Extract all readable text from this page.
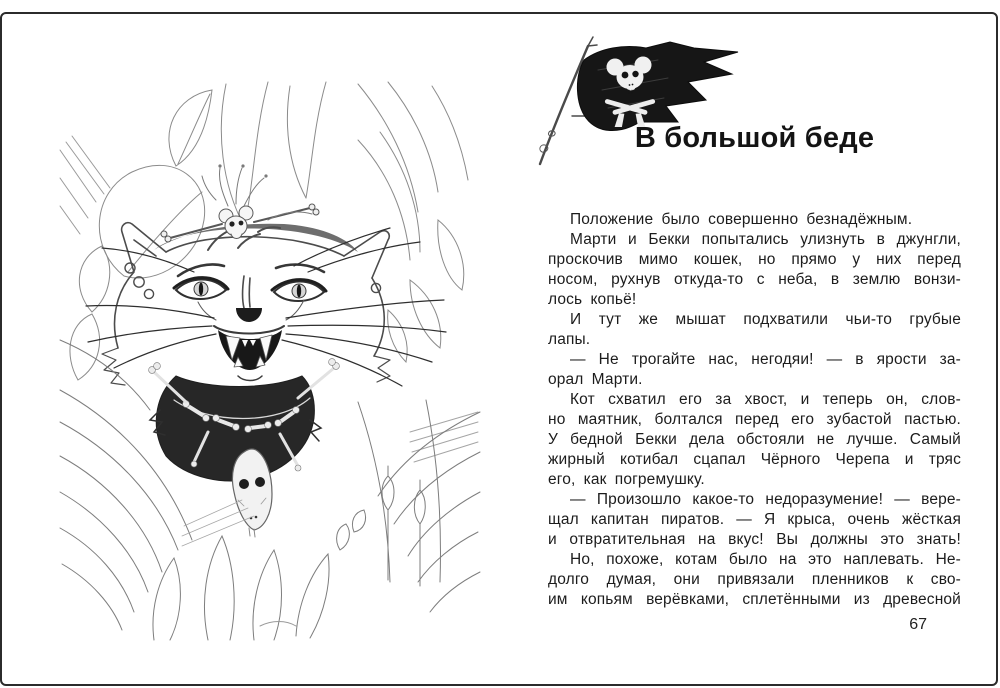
В большой беде
Положение было совершенно безнадёжным.
Марти и Бекки попытались улизнуть в джунгли,
проскочив мимо кошек, но прямо у них перед
носом, рухнув откуда-то с неба, в землю вонзи-
лось копьё!
И тут же мышат подхватили чьи-то грубые
лапы.
— Не трогайте нас, негодяи! — в ярости за-
орал Марти.
Кот схватил его за хвост, и теперь он, слов-
но маятник, болтался перед его зубастой пастью.
У бедной Бекки дела обстояли не лучше. Самый
жирный котибал сцапал Чёрного Черепа и тряс
его, как погремушку.
— Произошло какое-то недоразумение! — вере-
щал капитан пиратов. — Я крыса, очень жёсткая
и отвратительная на вкус! Вы должны это знать!
Но, похоже, котам было на это наплевать. Не-
долго думая, они привязали пленников к сво-
им копьям верёвками, сплетёнными из древесной
67
